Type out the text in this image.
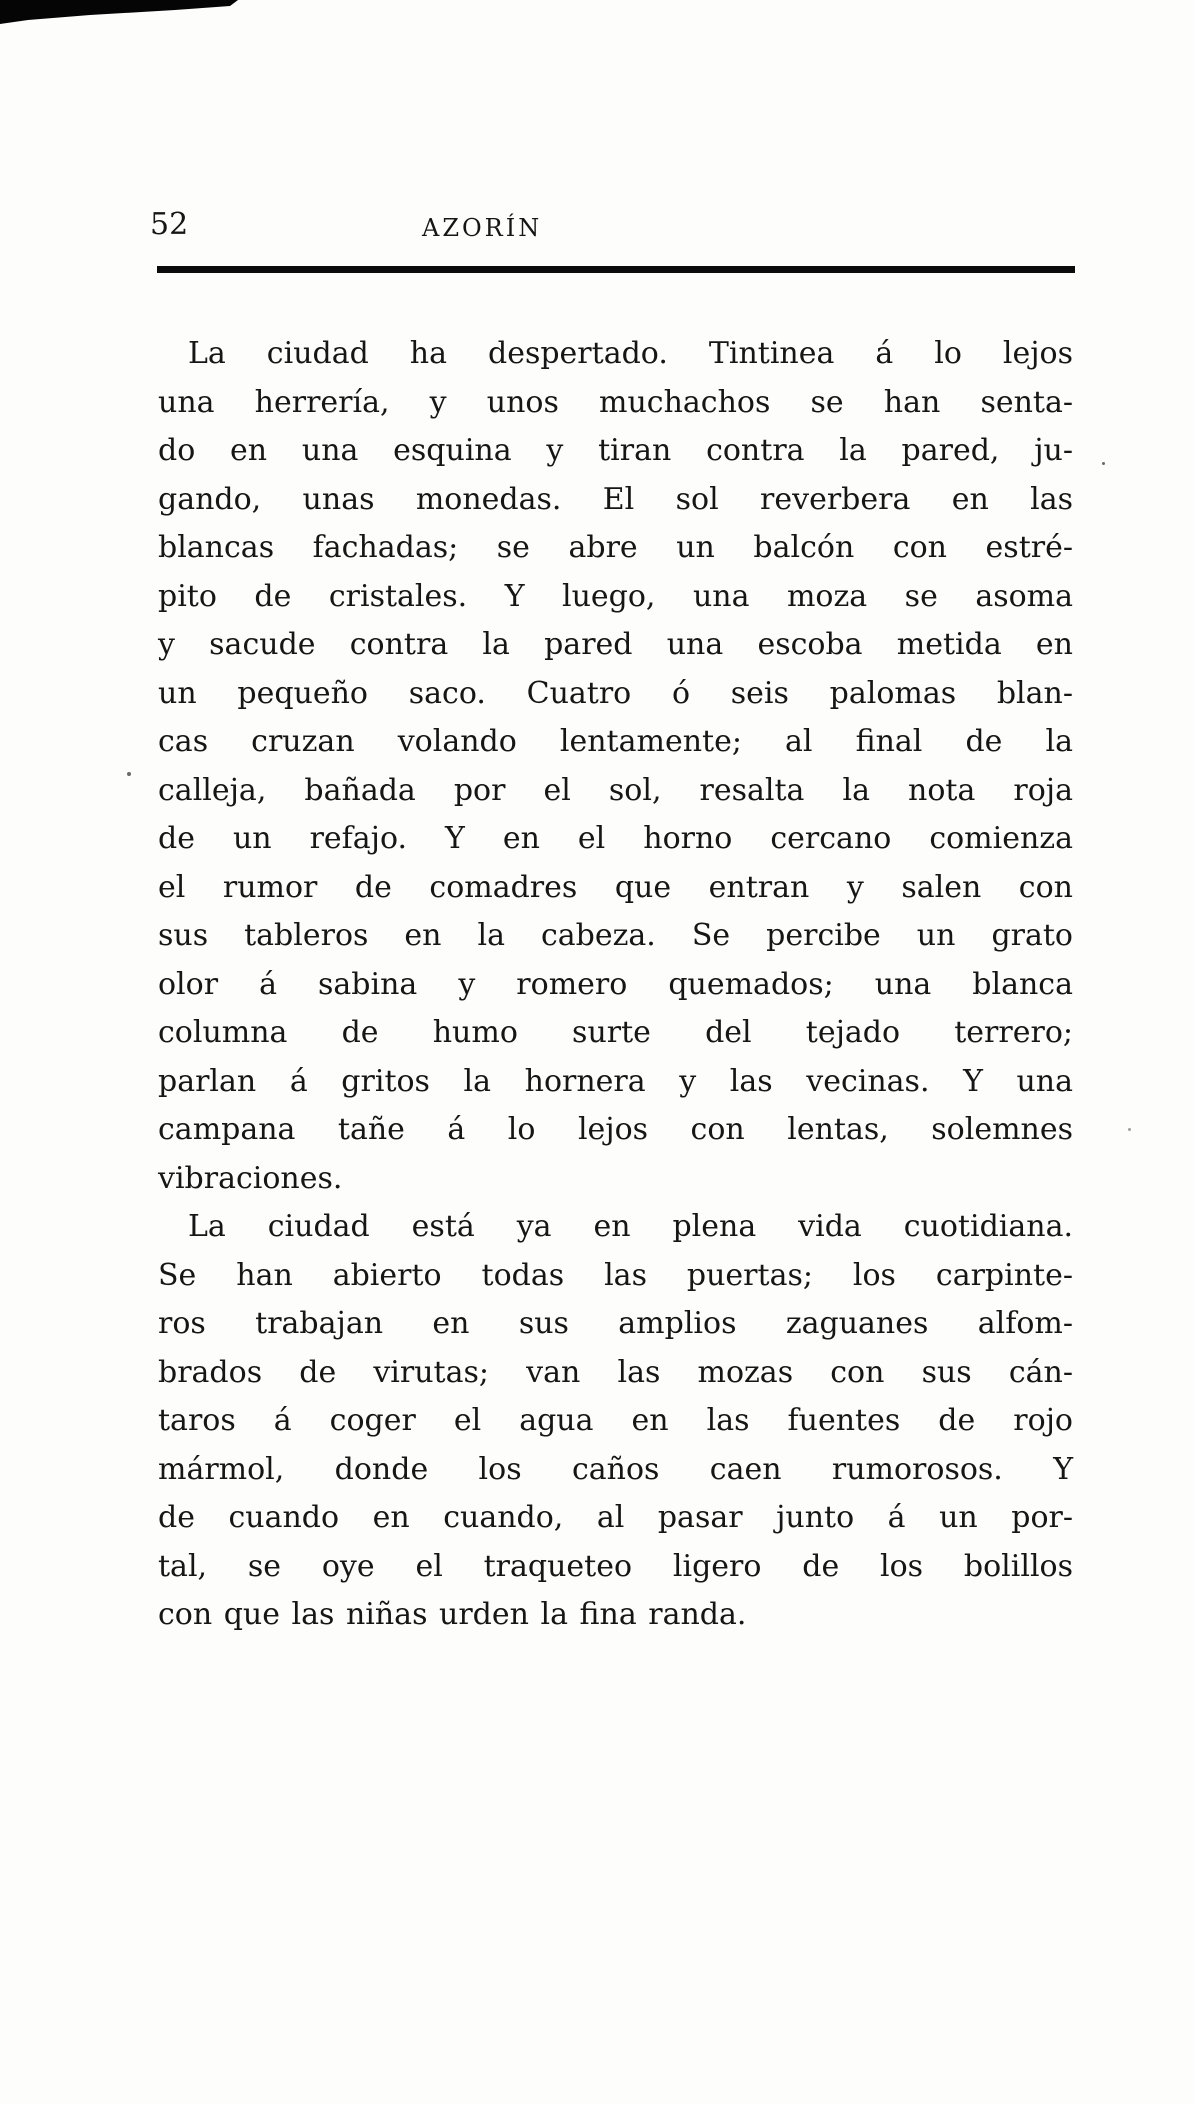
52	AZORÍN
La ciudad ha despertado. Tintinea á lo lejos
una herrería, y unos muchachos se han senta-
do en una esquina y tiran contra la pared, ju-
gando, unas monedas. El sol reverbera en las
blancas fachadas; se abre un balcón con estré-
pito de cristales. Y luego, una moza se asoma
y sacude contra la pared una escoba metida en
un pequeño saco. Cuatro ó seis palomas blan-
cas cruzan volando lentamente; al final de la
calleja, bañada por el sol, resalta la nota roja
de un refajo. Y en el horno cercano comienza
el rumor de comadres que entran y salen con
sus tableros en la cabeza. Se percibe un grato
olor á sabina y romero quemados; una blanca
columna de humo surte del tejado terrero;
parlan á gritos la hornera y las vecinas. Y una
campana tañe á lo lejos con lentas, solemnes
vibraciones.
La ciudad está ya en plena vida cuotidiana.
Se han abierto todas las puertas; los carpinte-
ros trabajan en sus amplios zaguanes alfom-
brados de virutas; van las mozas con sus cán-
taros á coger el agua en las fuentes de rojo
mármol, donde los caños caen rumorosos. Y
de cuando en cuando, al pasar junto á un por-
tal, se oye el traqueteo ligero de los bolillos
con que las niñas urden la fina randa.
